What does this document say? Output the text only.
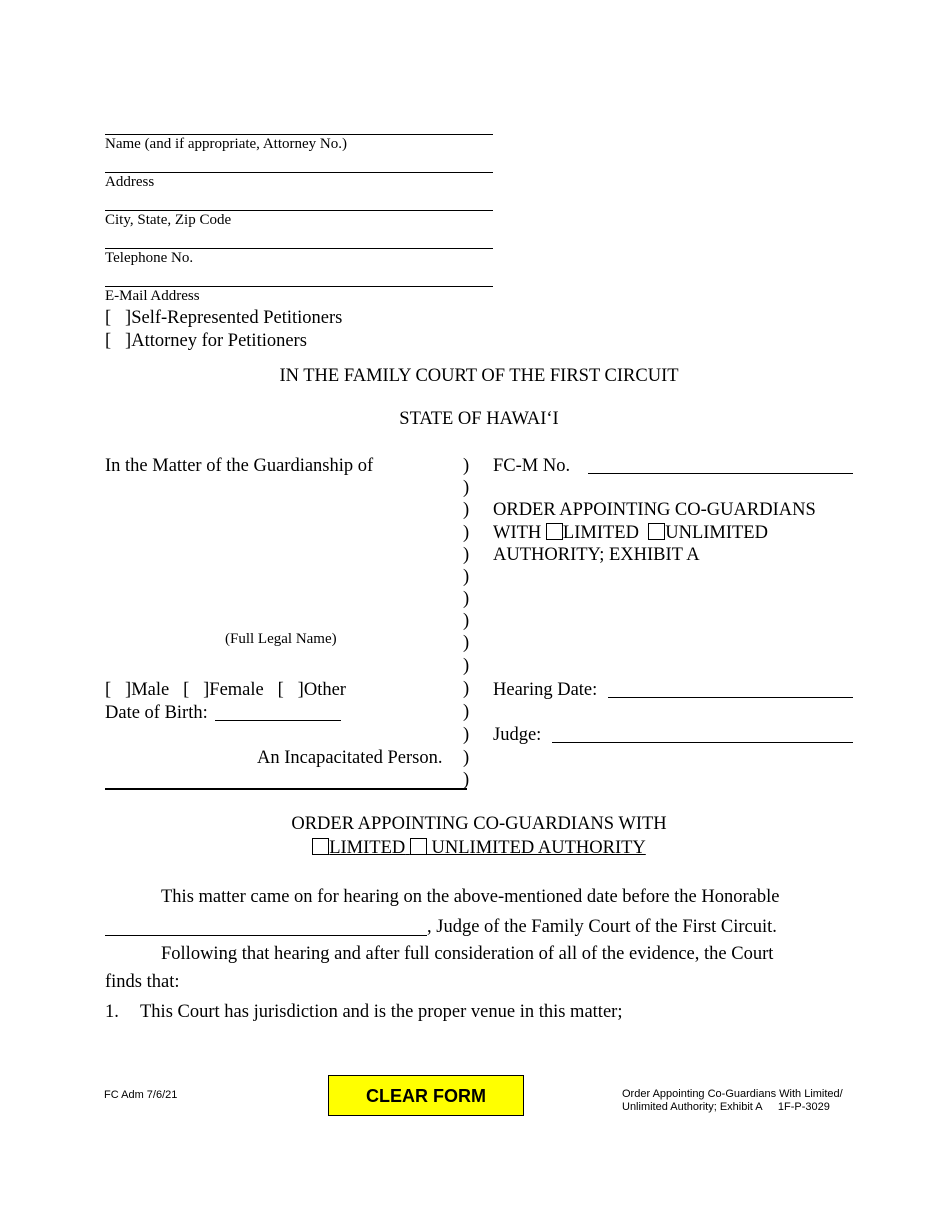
Name (and if appropriate, Attorney No.)
Address
City, State, Zip Code
Telephone No.
E-Mail Address
[   ]Self-Represented Petitioners
[   ]Attorney for Petitioners
IN THE FAMILY COURT OF THE FIRST CIRCUIT
STATE OF HAWAI‘I
In the Matter of the Guardianship of
(Full Legal Name)
[   ]Male [   ]Female [   ]Other
Date of Birth:
An Incapacitated Person.
)
)
)
)
)
)
)
)
)
)
)
)
)
)
)
FC-M No.
ORDER APPOINTING CO-GUARDIANS
WITH LIMITED UNLIMITED
AUTHORITY; EXHIBIT A
Hearing Date:
Judge:
ORDER APPOINTING CO-GUARDIANS WITH
LIMITED UNLIMITED AUTHORITY
This matter came on for hearing on the above-mentioned date before the Honorable
, Judge of the Family Court of the First Circuit.
Following that hearing and after full consideration of all of the evidence, the Court
finds that:
1. This Court has jurisdiction and is the proper venue in this matter;
FC Adm 7/6/21	CLEAR FORM	Order Appointing Co-Guardians With Limited/
Unlimited Authority; Exhibit A 1F-P-3029
